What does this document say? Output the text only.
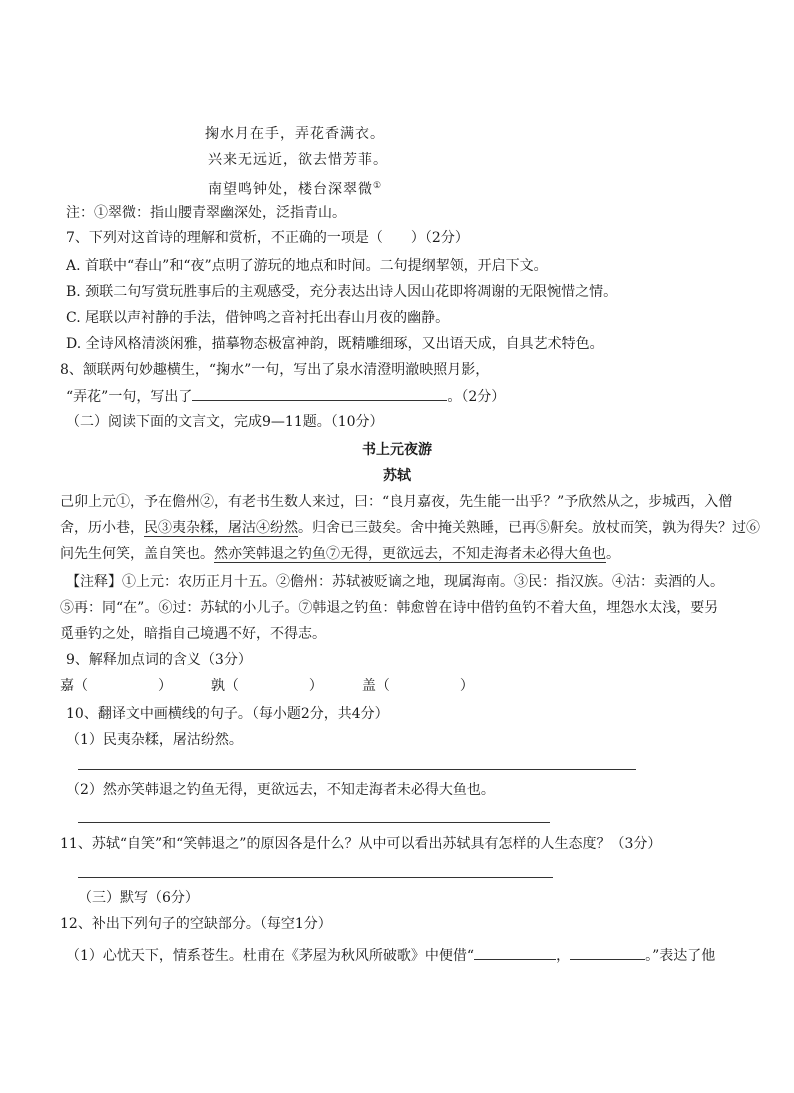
掬水月在手，弄花香满衣。
兴来无远近，欲去惜芳菲。
南望鸣钟处，楼台深翠微①
注：①翠微：指山腰青翠幽深处，泛指青山。
7、下列对这首诗的理解和赏析，不正确的一项是（　　）（2分）
A. 首联中“春山”和“夜”点明了游玩的地点和时间。二句提纲挈领，开启下文。
B. 颈联二句写赏玩胜事后的主观感受，充分表达出诗人因山花即将凋谢的无限惋惜之情。
C. 尾联以声衬静的手法，借钟鸣之音衬托出春山月夜的幽静。
D. 全诗风格清淡闲雅，描摹物态极富神韵，既精雕细琢，又出语天成，自具艺术特色。
8、颔联两句妙趣横生，“掬水”一句，写出了泉水清澄明澈映照月影，
“弄花”一句，写出了	。（2分）
（二）阅读下面的文言文，完成9—11题。（10分）
书上元夜游
苏轼
己卯上元①，予在儋州②，有老书生数人来过，曰：“良月嘉夜，先生能一出乎？”予欣然从之，步城西，入僧
舍，历小巷，民③夷杂糅，屠沽④纷然。归舍已三鼓矣。舍中掩关熟睡，已再⑤鼾矣。放杖而笑，孰为得失？过⑥
问先生何笑，盖自笑也。然亦笑韩退之钓鱼⑦无得，更欲远去，不知走海者未必得大鱼也。
【注释】①上元：农历正月十五。②儋州：苏轼被贬谪之地，现属海南。③民：指汉族。④沽：卖酒的人。
⑤再：同“在”。⑥过：苏轼的小儿子。⑦韩退之钓鱼：韩愈曾在诗中借钓鱼钓不着大鱼，埋怨水太浅，要另
觅垂钓之处，暗指自己境遇不好，不得志。
9、解释加点词的含义（3分）
嘉（	）  孰（	）  盖（	）
10、翻译文中画横线的句子。（每小题2分，共4分）
（1）民夷杂糅，屠沽纷然。
（2）然亦笑韩退之钓鱼无得，更欲远去，不知走海者未必得大鱼也。
11、苏轼“自笑”和“笑韩退之”的原因各是什么？从中可以看出苏轼具有怎样的人生态度？（3分）
（三）默写（6分）
12、补出下列句子的空缺部分。（每空1分）
（1）心忧天下，情系苍生。杜甫在《茅屋为秋风所破歌》中便借“	，	。”表达了他
